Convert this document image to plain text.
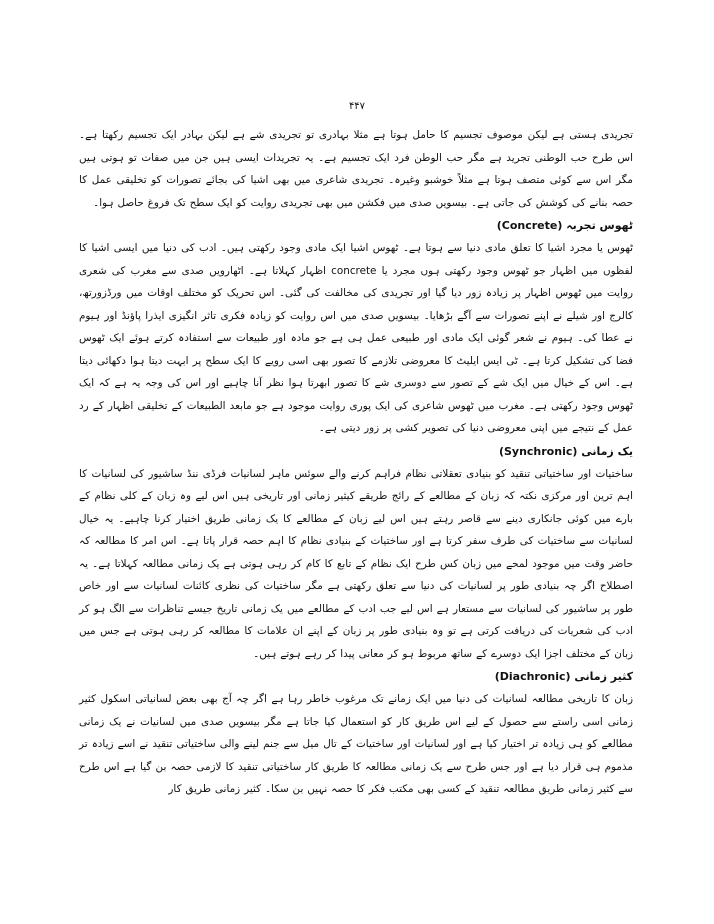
۴۴۷

تجریدی ہستی ہے لیکن موصوف تجسیم کا حامل ہوتا ہے مثلا بہادری تو تجریدی شے ہے لیکن بہادر ایک تجسیم رکھتا ہے۔ اس طرح حب الوطنی تجرید ہے مگر حب الوطن فرد ایک تجسیم ہے۔ یہ تجریدات ایسی ہیں جن میں صفات تو ہوتی ہیں مگر اس سے کوئی متصف ہوتا ہے مثلاً خوشبو وغیرہ۔ تجریدی شاعری میں بھی اشیا کی بجائے تصورات کو تخلیقی عمل کا حصہ بنانے کی کوشش کی جاتی ہے۔ بیسویں صدی میں فکشن میں بھی تجریدی روایت کو ایک سطح تک فروغ حاصل ہوا۔

ٹھوس تجربہ (Concrete)

ٹھوس یا مجرد اشیا کا تعلق مادی دنیا سے ہوتا ہے۔ ٹھوس اشیا ایک مادی وجود رکھتی ہیں۔ ادب کی دنیا میں ایسی اشیا کا لفظوں میں اظہار جو ٹھوس وجود رکھتی ہوں مجرد یا concrete اظہار کہلاتا ہے۔ اٹھارویں صدی سے مغرب کی شعری روایت میں ٹھوس اظہار پر زیادہ زور دیا گیا اور تجریدی کی مخالفت کی گئی۔ اس تحریک کو مختلف اوقات میں ورڈزورتھ، کالرج اور شیلے نے اپنے تصورات سے آگے بڑھایا۔ بیسویں صدی میں اس روایت کو زیادہ فکری تاثر انگیزی ایذرا پاؤنڈ اور ہیوم نے عطا کی۔ ہیوم نے شعر گوئی ایک مادی اور طبیعی عمل ہی ہے جو مادہ اور طبیعات سے استفادہ کرتے ہوئے ایک ٹھوس فضا کی تشکیل کرتا ہے۔ ٹی ایس ایلیٹ کا معروضی تلازمے کا تصور بھی اسی رویے کا ایک سطح پر ابہت دیتا ہوا دکھائی دیتا ہے۔ اس کے خیال میں ایک شے کے تصور سے دوسری شے کا تصور ابھرتا ہوا نظر آنا چاہیے اور اس کی وجہ یہ ہے کہ ایک ٹھوس وجود رکھتی ہے۔ مغرب میں ٹھوس شاعری کی ایک پوری روایت موجود ہے جو مابعد الطبیعات کے تخلیقی اظہار کے رد عمل کے نتیجے میں اپنی معروضی دنیا کی تصویر کشی پر زور دیتی ہے۔

یک زمانی (Synchronic)

ساختیات اور ساختیاتی تنقید کو بنیادی تعقلاتی نظام فراہم کرنے والے سوئس ماہر لسانیات فرڈی ننڈ ساشیور کی لسانیات کا اہم ترین اور مرکزی نکتہ کہ زبان کے مطالعے کے رائج طریقے کیثیر زمانی اور تاریخی ہیں اس لیے وہ زبان کے کلی نظام کے بارے میں کوئی جانکاری دینے سے قاصر رہتے ہیں اس لیے زبان کے مطالعے کا یک زمانی طریق اختیار کرنا چاہیے۔ یہ خیال لسانیات سے ساختیات کی طرف سفر کرتا ہے اور ساختیات کے بنیادی نظام کا اہم حصہ قرار پاتا ہے۔ اس امر کا مطالعہ کہ حاضر وقت میں موجود لمحے میں زبان کس طرح ایک نظام کے تابع کا کام کر رہی ہوتی ہے یک زمانی مطالعہ کہلاتا ہے۔ یہ اصطلاح اگر چہ بنیادی طور پر لسانیات کی دنیا سے تعلق رکھتی ہے مگر ساختیات کی نظری کائنات لسانیات سے اور خاص طور پر ساشیور کی لسانیات سے مستعار ہے اس لیے جب ادب کے مطالعے میں یک زمانی تاریخ جیسے تناظرات سے الگ ہو کر ادب کی شعریات کی دریافت کرتی ہے تو وہ بنیادی طور پر زبان کے اپنے ان علامات کا مطالعہ کر رہی ہوتی ہے جس میں زبان کے مختلف اجزا ایک دوسرے کے ساتھ مربوط ہو کر معانی پیدا کر رہے ہوتے ہیں۔

کثیر زمانی (Diachronic)

زبان کا تاریخی مطالعہ لسانیات کی دنیا میں ایک زمانے تک مرغوب خاطر رہا ہے اگر چہ آج بھی بعض لسانیاتی اسکول کثیر زمانی اسی راستے سے حصول کے لیے اس طریق کار کو استعمال کیا جاتا ہے مگر بیسویں صدی میں لسانیات نے یک زمانی مطالعے کو ہی زیادہ تر اختیار کیا ہے اور لسانیات اور ساختیات کے تال میل سے جنم لینے والی ساختیاتی تنقید نے اسے زیادہ تر مذموم ہی قرار دیا ہے اور جس طرح سے یک زمانی مطالعہ کا طریق کار ساختیاتی تنقید کا لازمی حصہ بن گیا ہے اس طرح سے کثیر زمانی طریق مطالعہ تنقید کے کسی بھی مکتب فکر کا حصہ نہیں بن سکا۔ کثیر زمانی طریق کار
